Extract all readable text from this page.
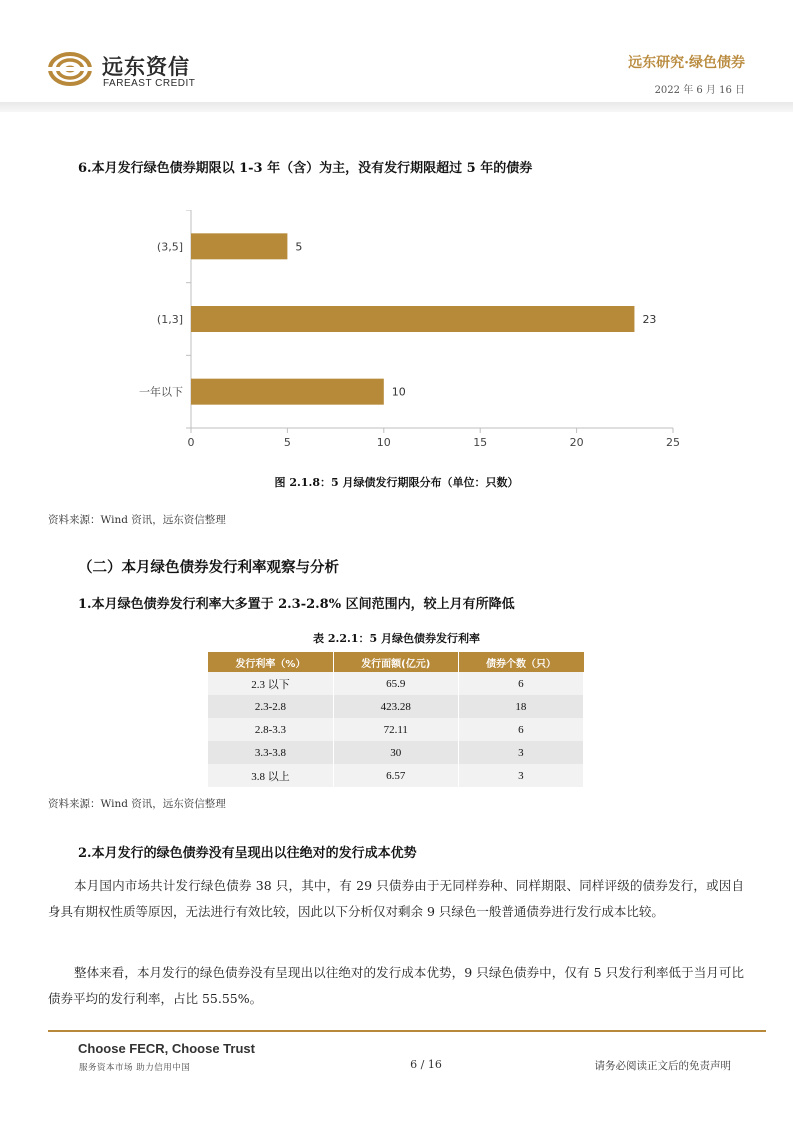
远东资信
FAREAST CREDIT
远东研究·绿色债券
2022 年 6 月 16 日
6.本月发行绿色债券期限以 1-3 年（含）为主，没有发行期限超过 5 年的债券
(3,5]	5
(1,3]	23
一年以下	10
0	5	10	15	20	25
图 2.1.8：5 月绿债发行期限分布（单位：只数）
资料来源：Wind 资讯，远东资信整理
（二）本月绿色债券发行利率观察与分析
1.本月绿色债券发行利率大多置于 2.3-2.8% 区间范围内，较上月有所降低
表 2.2.1：5 月绿色债券发行利率
发行利率（%）	发行面额(亿元)	债券个数（只）
2.3 以下	65.9	6
2.3-2.8	423.28	18
2.8-3.3	72.11	6
3.3-3.8	30	3
3.8 以上	6.57	3
资料来源：Wind 资讯，远东资信整理
2.本月发行的绿色债券没有呈现出以往绝对的发行成本优势
本月国内市场共计发行绿色债券 38 只，其中，有 29 只债券由于无同样券种、同样期限、同样评级的债券发行，或因自身具有期权性质等原因，无法进行有效比较，因此以下分析仅对剩余 9 只绿色一般普通债券进行发行成本比较。
整体来看，本月发行的绿色债券没有呈现出以往绝对的发行成本优势，9 只绿色债券中，仅有 5 只发行利率低于当月可比债券平均的发行利率，占比 55.55%。
Choose FECR, Choose Trust
服务资本市场 助力信用中国	6 / 16	请务必阅读正文后的免责声明
